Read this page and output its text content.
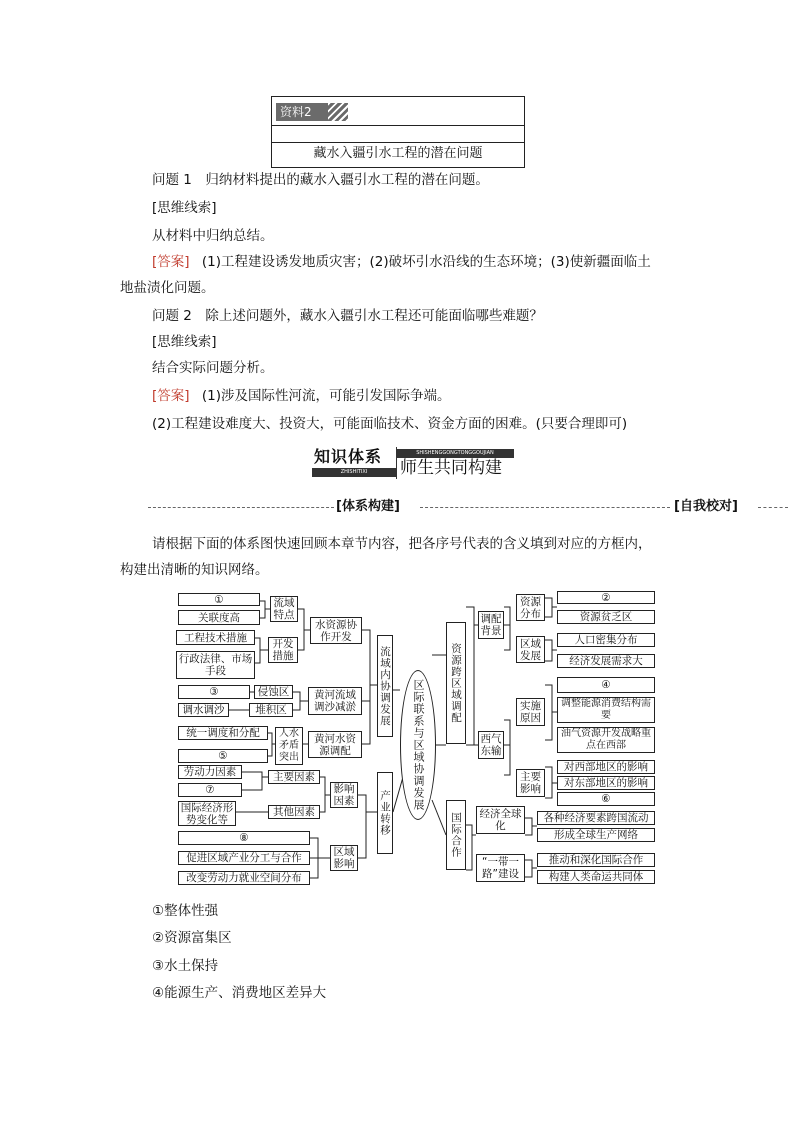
资料2
藏水入疆引水工程的潜在问题
问题 1　归纳材料提出的藏水入疆引水工程的潜在问题。
[思维线索]
从材料中归纳总结。
[答案] (1)工程建设诱发地质灾害；(2)破坏引水沿线的生态环境；(3)使新疆面临土
地盐渍化问题。
问题 2　除上述问题外，藏水入疆引水工程还可能面临哪些难题？
[思维线索]
结合实际问题分析。
[答案] (1)涉及国际性河流，可能引发国际争端。
(2)工程建设难度大、投资大，可能面临技术、资金方面的困难。(只要合理即可)
知识体系
ZHISHITIXI
SHISHENGGONGTONGGOUJIAN
师生共同构建
[体系构建]	[自我校对]
请根据下面的体系图快速回顾本章节内容，把各序号代表的含义填到对应的方框内，
构建出清晰的知识网络。
区际联系与区域协调发展
①
关联度高
流域特点
工程技术措施
行政法律、市场手段
开发措施
水资源协作开发
流域内协调发展
③	侵蚀区
调水调沙	堆积区
黄河流域调沙减淤
统一调度和分配
⑤
人水矛盾突出
黄河水资源调配
劳动力因素
⑦
主要因素
国际经济形势变化等
其他因素
影响因素
⑧
促进区域产业分工与合作
改变劳动力就业空间分布
区域影响
产业转移
资源跨区域调配
调配背景
资源分布
②
资源贫乏区
区域发展
人口密集分布
经济发展需求大
西气东输
实施原因
④
调整能源消费结构需要
油气资源开发战略重点在西部
主要影响
对西部地区的影响
对东部地区的影响
⑥
国际合作	经济全球化
各种经济要素跨国流动
形成全球生产网络
“一带一路”建设
推动和深化国际合作
构建人类命运共同体
①整体性强
②资源富集区
③水土保持
④能源生产、消费地区差异大
